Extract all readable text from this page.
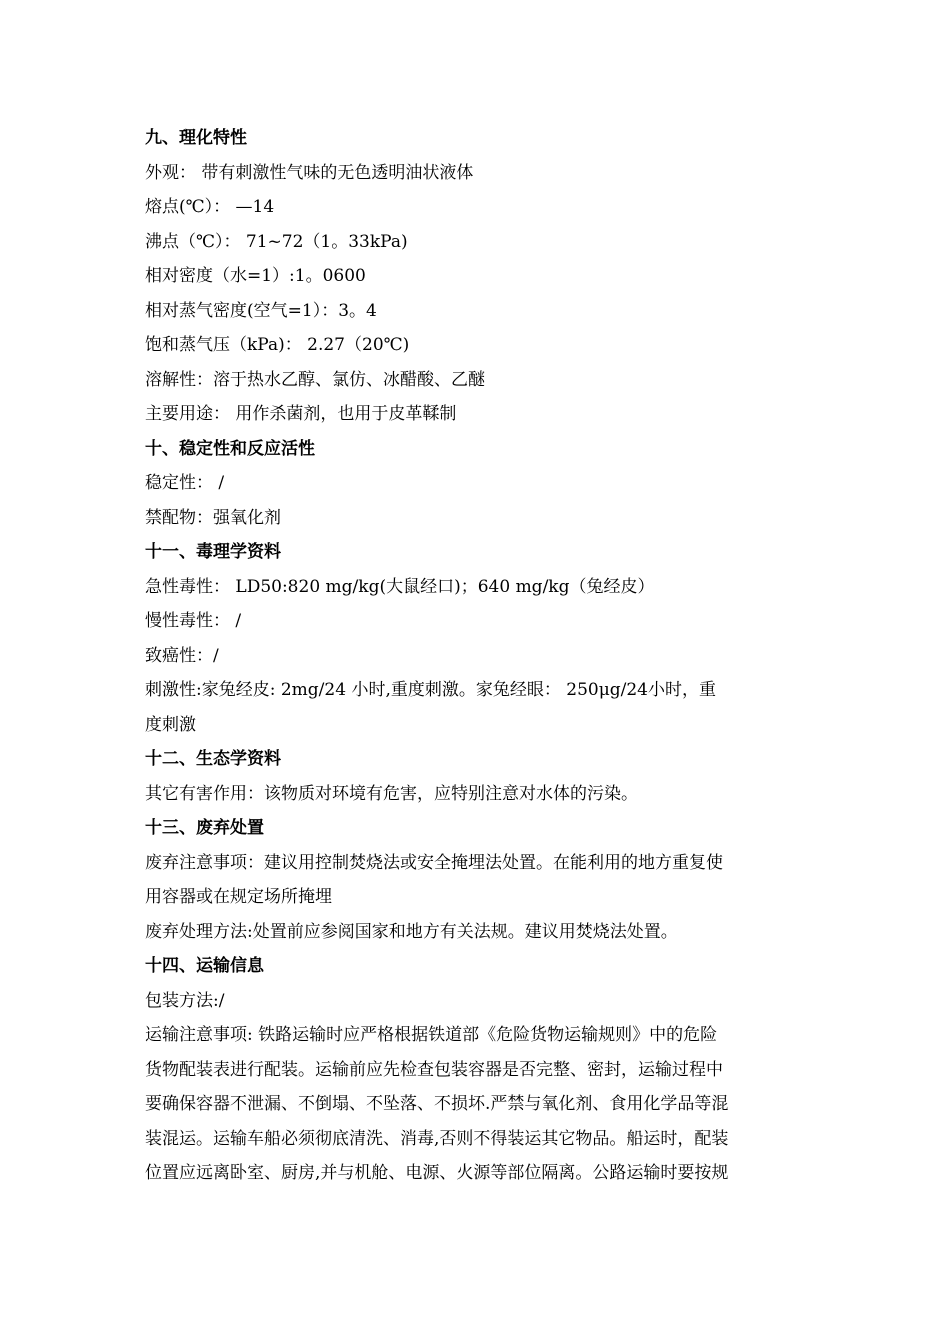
九、理化特性

外观： 带有刺激性气味的无色透明油状液体

熔点(℃）： —14

沸点（℃）： 71~72（1。33kPa)

相对密度（水=1）:1。0600

相对蒸气密度(空气=1）：3。4

饱和蒸气压（kPa)： 2.27（20℃)

溶解性：溶于热水乙醇、氯仿、冰醋酸、乙醚

主要用途： 用作杀菌剂，也用于皮革鞣制

十、稳定性和反应活性

稳定性： /

禁配物：强氧化剂

十一、毒理学资料

急性毒性： LD50:820 mg/kg(大鼠经口)；640 mg/kg（兔经皮）

慢性毒性： /

致癌性：/

刺激性:家兔经皮: 2mg/24 小时,重度刺激。家兔经眼： 250μg/24小时，重

度刺激

十二、生态学资料

其它有害作用：该物质对环境有危害，应特别注意对水体的污染。

十三、废弃处置

废弃注意事项：建议用控制焚烧法或安全掩埋法处置。在能利用的地方重复使

用容器或在规定场所掩埋

废弃处理方法:处置前应参阅国家和地方有关法规。建议用焚烧法处置。

十四、运输信息

包装方法:/

运输注意事项: 铁路运输时应严格根据铁道部《危险货物运输规则》中的危险

货物配装表进行配装。运输前应先检查包装容器是否完整、密封，运输过程中

要确保容器不泄漏、不倒塌、不坠落、不损坏.严禁与氧化剂、食用化学品等混

装混运。运输车船必须彻底清洗、消毒,否则不得装运其它物品。船运时，配装

位置应远离卧室、厨房,并与机舱、电源、火源等部位隔离。公路运输时要按规
